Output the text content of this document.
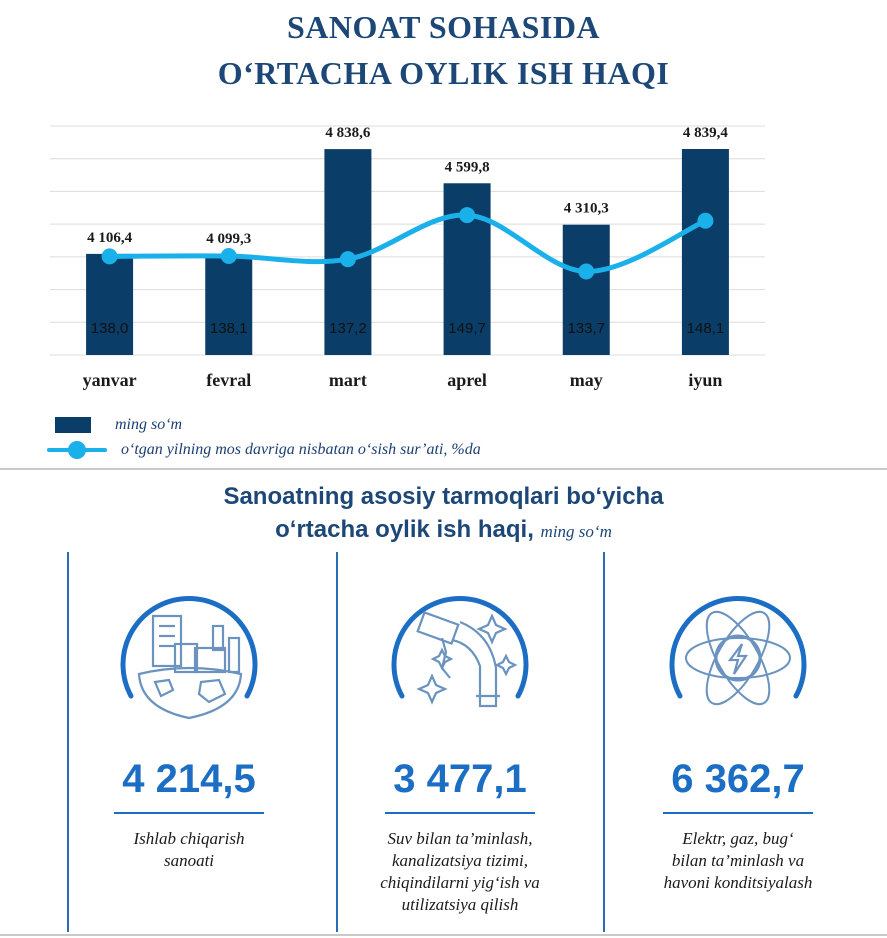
SANOAT SOHASIDA
O‘RTACHA OYLIK ISH HAQI
4 106,4
yanvar
4 099,3
fevral
4 838,6
mart
4 599,8
aprel
4 310,3
may
4 839,4
iyun
138,0	138,1	137,2	149,7	133,7	148,1
ming so‘m
o‘tgan yilning mos davriga nisbatan o‘sish sur’ati, %da
Sanoatning asosiy tarmoqlari bo‘yicha
o‘rtacha oylik ish haqi, ming so‘m
4 214,5
Ishlab chiqarish
sanoati
3 477,1
Suv bilan ta’minlash,
kanalizatsiya tizimi,
chiqindilarni yig‘ish va
utilizatsiya qilish
6 362,7
Elektr, gaz, bug‘
bilan ta’minlash va
havoni konditsiyalash
